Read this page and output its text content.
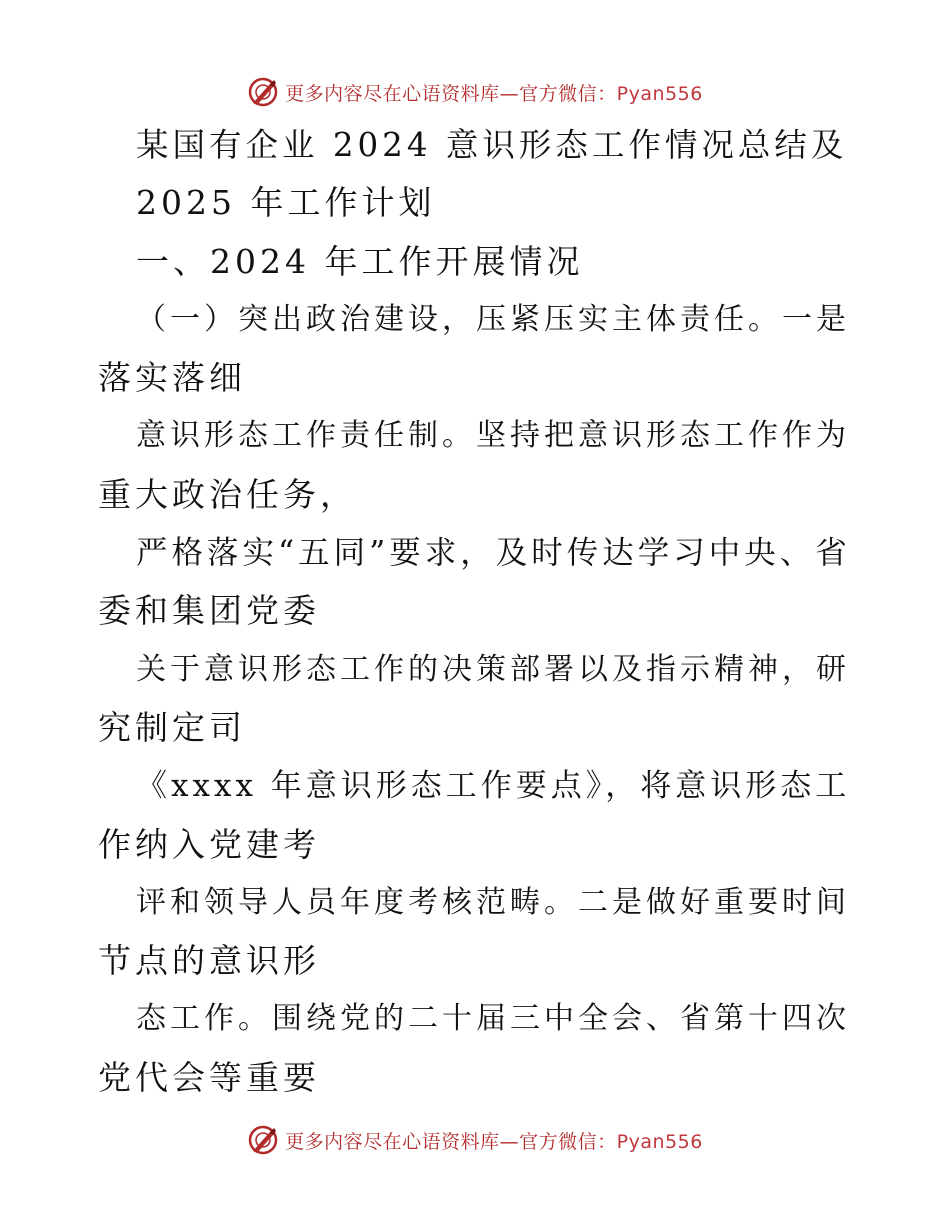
更多内容尽在心语资料库—官方微信：Pyan556
某国有企业 2024 意识形态工作情况总结及
2025 年工作计划
一、2024 年工作开展情况
（一）突出政治建设，压紧压实主体责任。一是
落实落细
意识形态工作责任制。坚持把意识形态工作作为
重大政治任务，
严格落实“五同”要求，及时传达学习中央、省
委和集团党委
关于意识形态工作的决策部署以及指示精神，研
究制定司
《xxxx 年意识形态工作要点》，将意识形态工
作纳入党建考
评和领导人员年度考核范畴。二是做好重要时间
节点的意识形
态工作。围绕党的二十届三中全会、省第十四次
党代会等重要
更多内容尽在心语资料库—官方微信：Pyan556
